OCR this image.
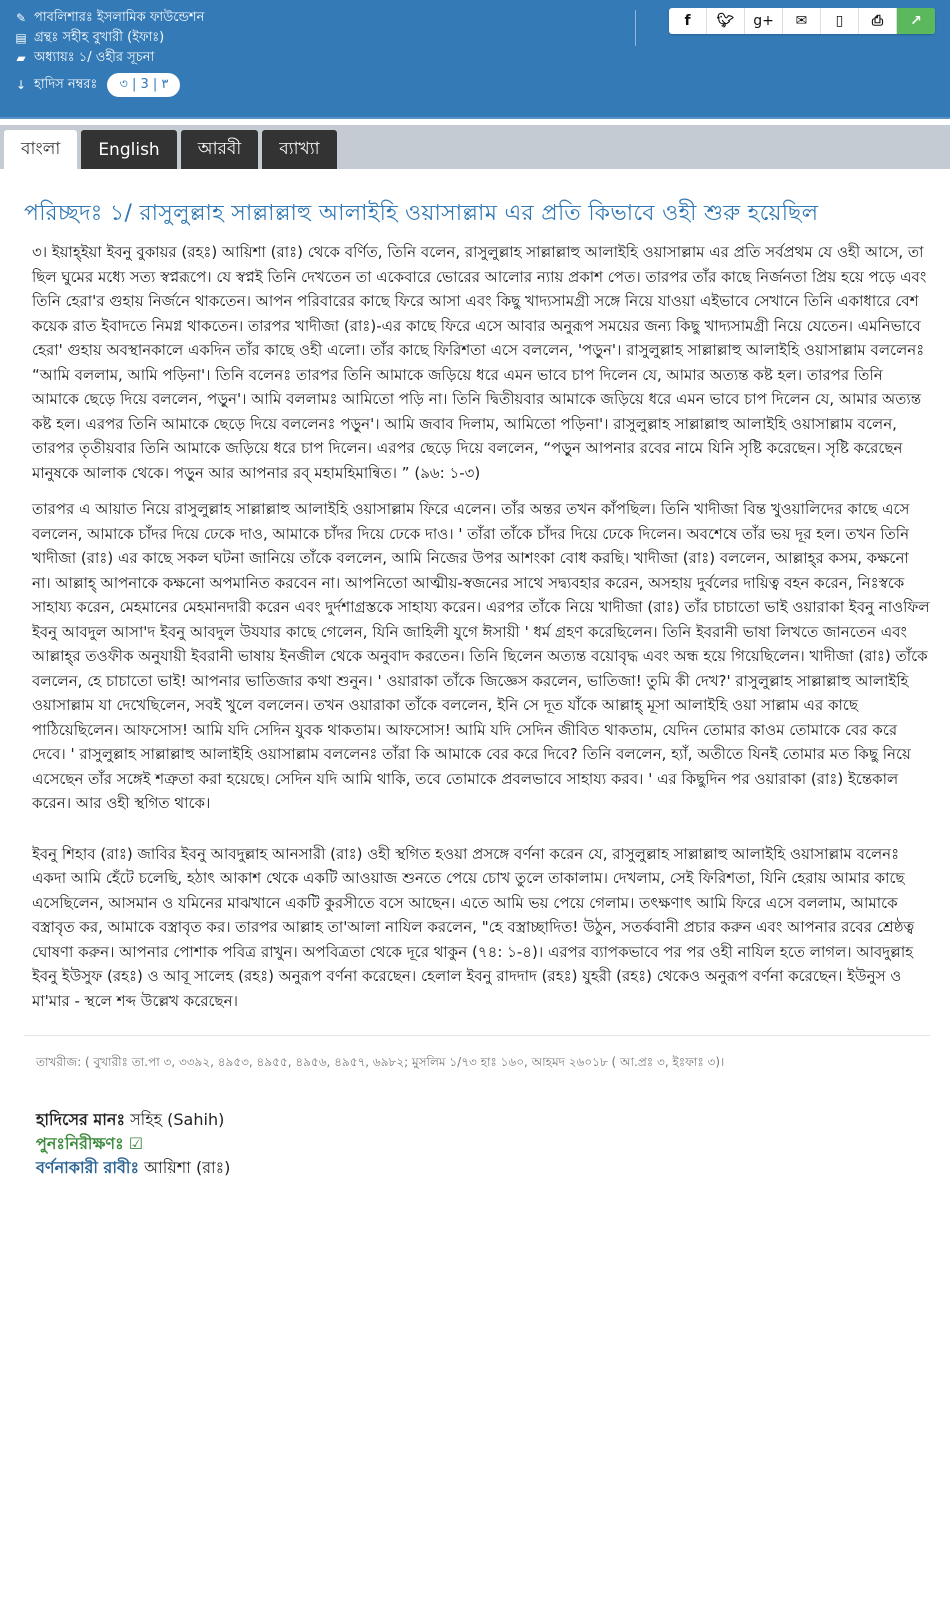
✎ পাবলিশারঃ ইসলামিক ফাউন্ডেশন
▤ গ্রন্থঃ সহীহ বুখারী (ইফাঃ)
▰ অধ্যায়ঃ ১/ ওহীর সূচনা
↓ হাদিস নম্বরঃ	৩ | 3 | ٣
f	🐦︎	g+	✉	▯	⎙	↗
বাংলা	English	আরবী	ব্যাখ্যা
পরিচ্ছদঃ ১/ রাসুলুল্লাহ সাল্লাল্লাহু আলাইহি ওয়াসাল্লাম এর প্রতি কিভাবে ওহী শুরু হয়েছিল

৩। ইয়াহ্‌ইয়া ইবনু বুকায়র (রহঃ) আয়িশা (রাঃ) থেকে বর্ণিত, তিনি বলেন, রাসুলুল্লাহ সাল্লাল্লাহু আলাইহি ওয়াসাল্লাম এর প্রতি সর্বপ্রথম যে ওহী আসে, তা ছিল ঘুমের মধ্যে সত্য স্বপ্নরূপে। যে স্বপ্নই তিনি দেখতেন তা একেবারে ভোরের আলোর ন্যায় প্রকাশ পেত। তারপর তাঁর কাছে নির্জনতা প্রিয় হয়ে পড়ে এবং তিনি হেরা'র গুহায় নির্জনে থাকতেন। আপন পরিবারের কাছে ফিরে আসা এবং কিছু খাদ্যসামগ্রী সঙ্গে নিয়ে যাওয়া এইভাবে সেখানে তিনি একাধারে বেশ কয়েক রাত ইবাদতে নিমগ্ন থাকতেন। তারপর খাদীজা (রাঃ)-এর কাছে ফিরে এসে আবার অনুরূপ সময়ের জন্য কিছু খাদ্যসামগ্রী নিয়ে যেতেন। এমনিভাবে হেরা' গুহায় অবস্থানকালে একদিন তাঁর কাছে ওহী এলো। তাঁর কাছে ফিরিশতা এসে বললেন, 'পড়ুন'। রাসুলুল্লাহ সাল্লাল্লাহু আলাইহি ওয়াসাল্লাম বললেনঃ “আমি বললাম, আমি পড়িনা'। তিনি বলেনঃ তারপর তিনি আমাকে জড়িয়ে ধরে এমন ভাবে চাপ দিলেন যে, আমার অত্যন্ত কষ্ট হল। তারপর তিনি আমাকে ছেড়ে দিয়ে বললেন, পড়ুন'। আমি বললামঃ আমিতো পড়ি না। তিনি দ্বিতীয়বার আমাকে জড়িয়ে ধরে এমন ভাবে চাপ দিলেন যে, আমার অত্যন্ত কষ্ট হল। এরপর তিনি আমাকে ছেড়ে দিয়ে বললেনঃ পড়ুন'। আমি জবাব দিলাম, আমিতো পড়িনা'। রাসুলুল্লাহ সাল্লাল্লাহু আলাইহি ওয়াসাল্লাম বলেন, তারপর তৃতীয়বার তিনি আমাকে জড়িয়ে ধরে চাপ দিলেন। এরপর ছেড়ে দিয়ে বললেন, “পড়ুন আপনার রবের নামে যিনি সৃষ্টি করেছেন। সৃষ্টি করেছেন মানুষকে আলাক থেকে। পড়ুন আর আপনার রব্‌ মহামহিমান্বিত। ” (৯৬: ১-৩)

তারপর এ আয়াত নিয়ে রাসুলুল্লাহ সাল্লাল্লাহু আলাইহি ওয়াসাল্লাম ফিরে এলেন। তাঁর অন্তর তখন কাঁপছিল। তিনি খাদীজা বিন্ত খুওয়ালিদের কাছে এসে বললেন, আমাকে চাঁদর দিয়ে ঢেকে দাও, আমাকে চাঁদর দিয়ে ঢেকে দাও। ' তাঁরা তাঁকে চাঁদর দিয়ে ঢেকে দিলেন। অবশেষে তাঁর ভয় দূর হল। তখন তিনি খাদীজা (রাঃ) এর কাছে সকল ঘটনা জানিয়ে তাঁকে বললেন, আমি নিজের উপর আশংকা বোধ করছি। খাদীজা (রাঃ) বললেন, আল্লাহ্‌র কসম, কক্ষনো না। আল্লাহ্‌ আপনাকে কক্ষনো অপমানিত করবেন না। আপনিতো আত্মীয়-স্বজনের সাথে সদ্ব্যবহার করেন, অসহায় দুর্বলের দায়িত্ব বহন করেন, নিঃস্বকে সাহায্য করেন, মেহমানের মেহমানদারী করেন এবং দুর্দশাগ্রস্তকে সাহায্য করেন। এরপর তাঁকে নিয়ে খাদীজা (রাঃ) তাঁর চাচাতো ভাই ওয়ারাকা ইবনু নাওফিল ইবনু আবদুল আসা'দ ইবনু আবদুল উযযার কাছে গেলেন, যিনি জাহিলী যুগে ঈসায়ী ' ধর্ম গ্রহণ করেছিলেন। তিনি ইবরানী ভাষা লিখতে জানতেন এবং আল্লাহ্‌র তওফীক অনুযায়ী ইবরানী ভাষায় ইনজীল থেকে অনুবাদ করতেন। তিনি ছিলেন অত্যন্ত বয়োবৃদ্ধ এবং অন্ধ হয়ে গিয়েছিলেন। খাদীজা (রাঃ) তাঁকে বললেন, হে চাচাতো ভাই! আপনার ভাতিজার কথা শুনুন। ' ওয়ারাকা তাঁকে জিজ্ঞেস করলেন, ভাতিজা! তুমি কী দেখ?' রাসুলুল্লাহ সাল্লাল্লাহু আলাইহি ওয়াসাল্লাম যা দেখেছিলেন, সবই খুলে বললেন। তখন ওয়ারাকা তাঁকে বললেন, ইনি সে দূত যাঁকে আল্লাহ্‌ মূসা আলাইহি ওয়া সাল্লাম এর কাছে পাঠিয়েছিলেন। আফসোস! আমি যদি সেদিন যুবক থাকতাম। আফসোস! আমি যদি সেদিন জীবিত থাকতাম, যেদিন তোমার কাওম তোমাকে বের করে দেবে। ' রাসুলুল্লাহ সাল্লাল্লাহু আলাইহি ওয়াসাল্লাম বললেনঃ তাঁরা কি আমাকে বের করে দিবে? তিনি বললেন, হ্যাঁ, অতীতে যিনই তোমার মত কিছু নিয়ে এসেছেন তাঁর সঙ্গেই শত্রুতা করা হয়েছে। সেদিন যদি আমি থাকি, তবে তোমাকে প্রবলভাবে সাহায্য করব। ' এর কিছুদিন পর ওয়ারাকা (রাঃ) ইন্তেকাল করেন। আর ওহী স্থগিত থাকে।

ইবনু শিহাব (রাঃ) জাবির ইবনু আবদুল্লাহ আনসারী (রাঃ) ওহী স্থগিত হওয়া প্রসঙ্গে বর্ণনা করেন যে, রাসুলুল্লাহ সাল্লাল্লাহু আলাইহি ওয়াসাল্লাম বলেনঃ একদা আমি হেঁটে চলেছি, হঠাৎ আকাশ থেকে একটি আওয়াজ শুনতে পেয়ে চোখ তুলে তাকালাম। দেখলাম, সেই ফিরিশতা, যিনি হেরায় আমার কাছে এসেছিলেন, আসমান ও যমিনের মাঝখানে একটি কুরসীতে বসে আছেন। এতে আমি ভয় পেয়ে গেলাম। তৎক্ষণাৎ আমি ফিরে এসে বললাম, আমাকে বস্ত্রাবৃত কর, আমাকে বস্ত্রাবৃত কর। তারপর আল্লাহ তা'আলা নাযিল করলেন, "হে বস্ত্রাচ্ছাদিত! উঠুন, সতর্কবানী প্রচার করুন এবং আপনার রবের শ্রেষ্ঠত্ব ঘোষণা করুন। আপনার পোশাক পবিত্র রাখুন। অপবিত্রতা থেকে দূরে থাকুন (৭৪: ১-৪)। এরপর ব্যাপকভাবে পর পর ওহী নাযিল হতে লাগল। আবদুল্লাহ ইবনু ইউসুফ (রহঃ) ও আবূ সালেহ (রহঃ) অনুরূপ বর্ণনা করেছেন। হেলাল ইবনু রাদদাদ (রহঃ) যুহরী (রহঃ) থেকেও অনুরূপ বর্ণনা করেছেন। ইউনুস ও মা'মার - স্থলে শব্দ উল্লেখ করেছেন।

তাখরীজ: ( বুখারীঃ তা.পা ৩, ৩৩৯২, ৪৯৫৩, ৪৯৫৫, ৪৯৫৬, ৪৯৫৭, ৬৯৮২; মুসলিম ১/৭৩ হাঃ ১৬০, আহমদ ২৬০১৮ ( আ.প্রঃ ৩, ইঃফাঃ ৩)।
হাদিসের মানঃ সহিহ (Sahih)
পুনঃনিরীক্ষণঃ ☑
বর্ণনাকারী রাবীঃ আয়িশা (রাঃ)
